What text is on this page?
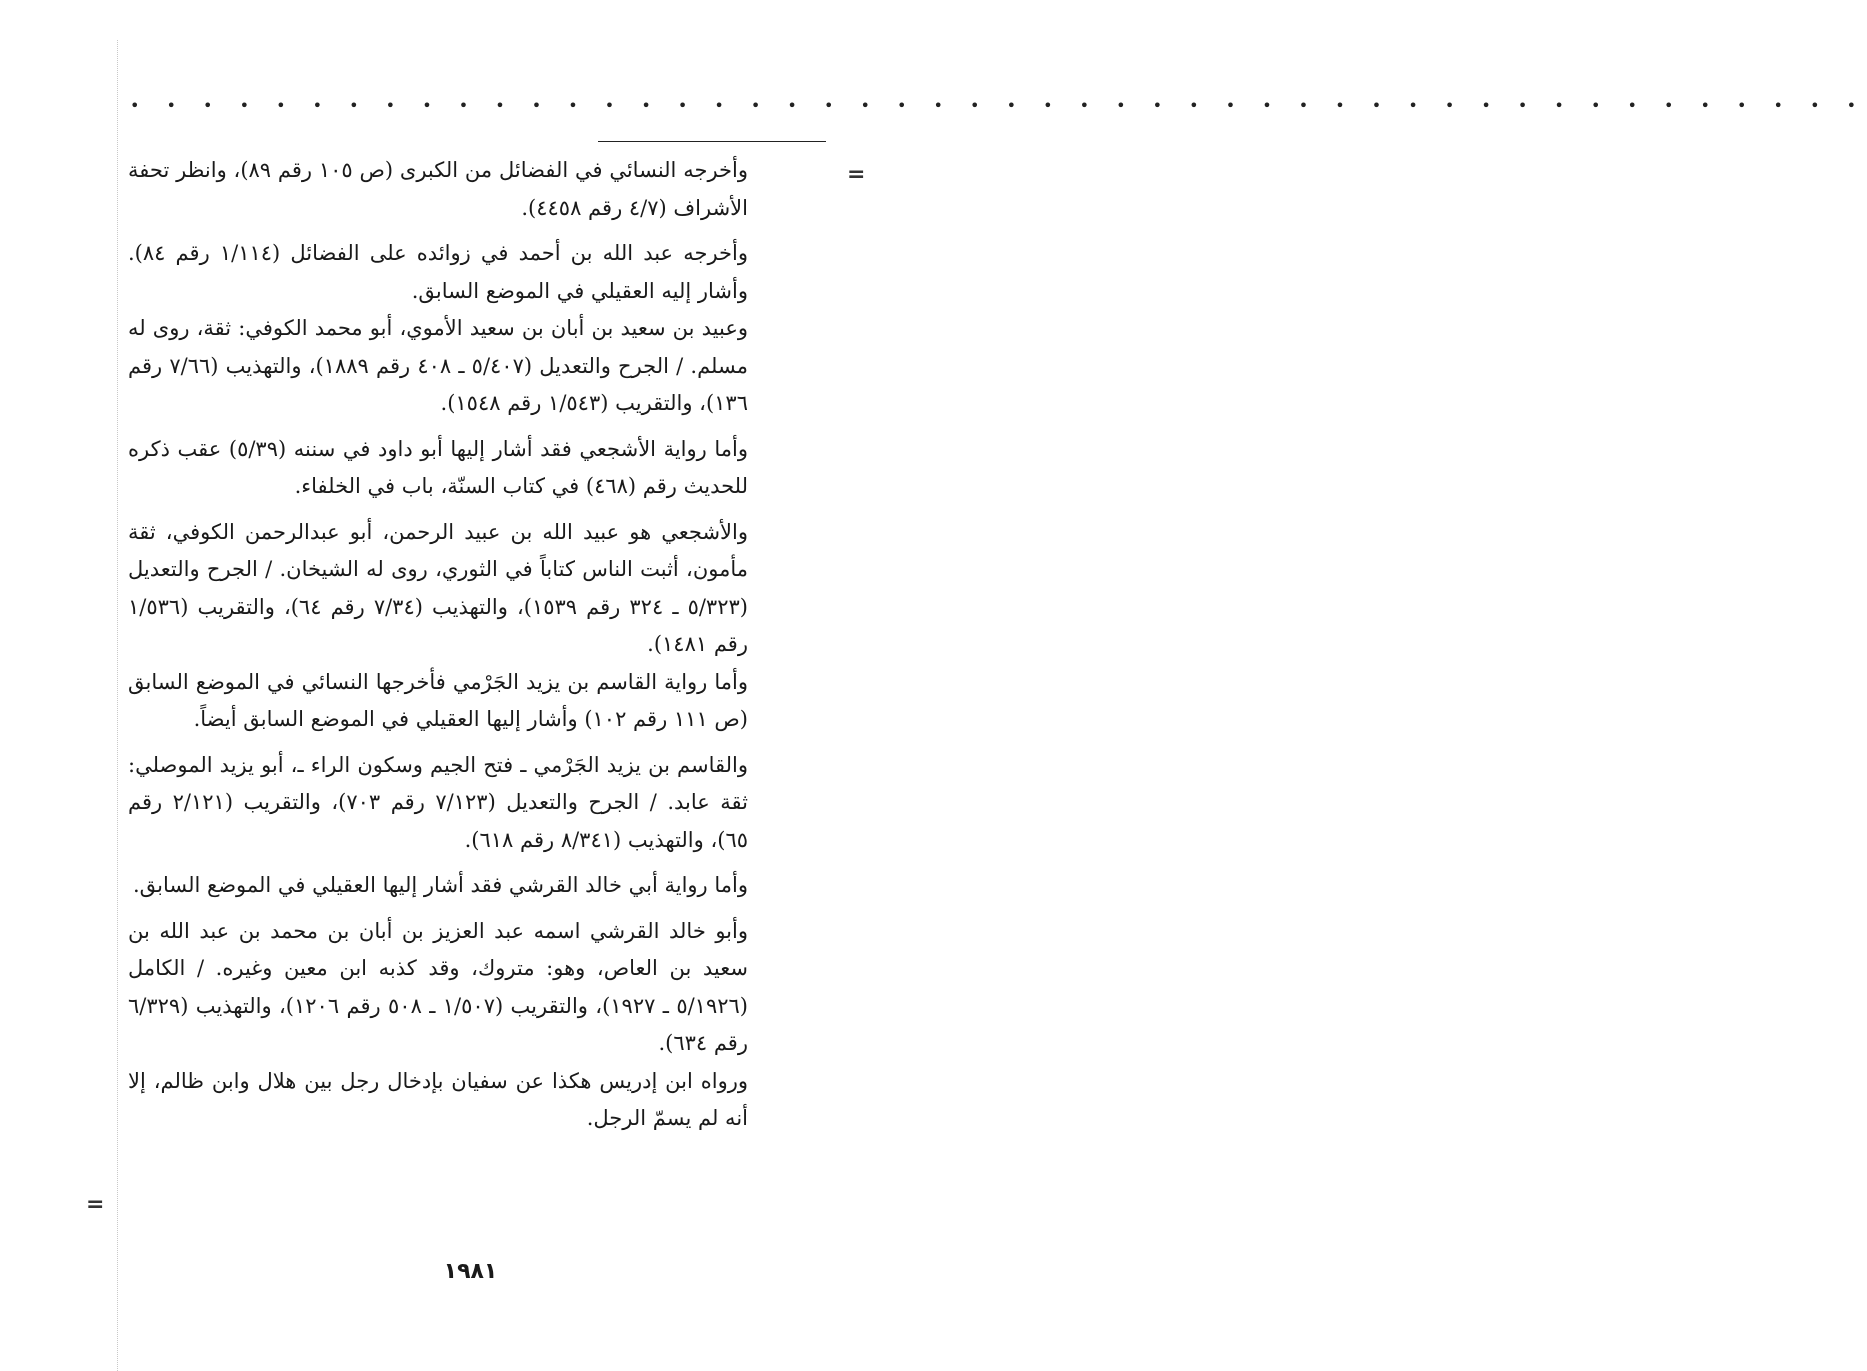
• • • • • • • • • • • • • • • • • • • • • • • • • • • • • • • • • • • • • • • • • • • • • • • •
=
=

وأخرجه النسائي في الفضائل من الكبرى (ص ١٠٥ رقم ٨٩)، وانظر تحفة الأشراف (٤/٧ رقم ٤٤٥٨).

وأخرجه عبد الله بن أحمد في زوائده على الفضائل (١/١١٤ رقم ٨٤). وأشار إليه العقيلي في الموضع السابق.

وعبيد بن سعيد بن أبان بن سعيد الأموي، أبو محمد الكوفي: ثقة، روى له مسلم. / الجرح والتعديل (٥/٤٠٧ ـ ٤٠٨ رقم ١٨٨٩)، والتهذيب (٧/٦٦ رقم ١٣٦)، والتقريب (١/٥٤٣ رقم ١٥٤٨).

وأما رواية الأشجعي فقد أشار إليها أبو داود في سننه (٥/٣٩) عقب ذكره للحديث رقم (٤٦٨) في كتاب السنّة، باب في الخلفاء.

والأشجعي هو عبيد الله بن عبيد الرحمن، أبو عبدالرحمن الكوفي، ثقة مأمون، أثبت الناس كتاباً في الثوري، روى له الشيخان. / الجرح والتعديل (٥/٣٢٣ ـ ٣٢٤ رقم ١٥٣٩)، والتهذيب (٧/٣٤ رقم ٦٤)، والتقريب (١/٥٣٦ رقم ١٤٨١).

وأما رواية القاسم بن يزيد الجَرْمي فأخرجها النسائي في الموضع السابق (ص ١١١ رقم ١٠٢) وأشار إليها العقيلي في الموضع السابق أيضاً.

والقاسم بن يزيد الجَرْمي ـ فتح الجيم وسكون الراء ـ، أبو يزيد الموصلي: ثقة عابد. / الجرح والتعديل (٧/١٢٣ رقم ٧٠٣)، والتقريب (٢/١٢١ رقم ٦٥)، والتهذيب (٨/٣٤١ رقم ٦١٨).

وأما رواية أبي خالد القرشي فقد أشار إليها العقيلي في الموضع السابق.

وأبو خالد القرشي اسمه عبد العزيز بن أبان بن محمد بن عبد الله بن سعيد بن العاص، وهو: متروك، وقد كذبه ابن معين وغيره. / الكامل (٥/١٩٢٦ ـ ١٩٢٧)، والتقريب (١/٥٠٧ ـ ٥٠٨ رقم ١٢٠٦)، والتهذيب (٦/٣٢٩ رقم ٦٣٤).

ورواه ابن إدريس هكذا عن سفيان بإدخال رجل بين هلال وابن ظالم، إلا أنه لم يسمّ الرجل.

١٩٨١
